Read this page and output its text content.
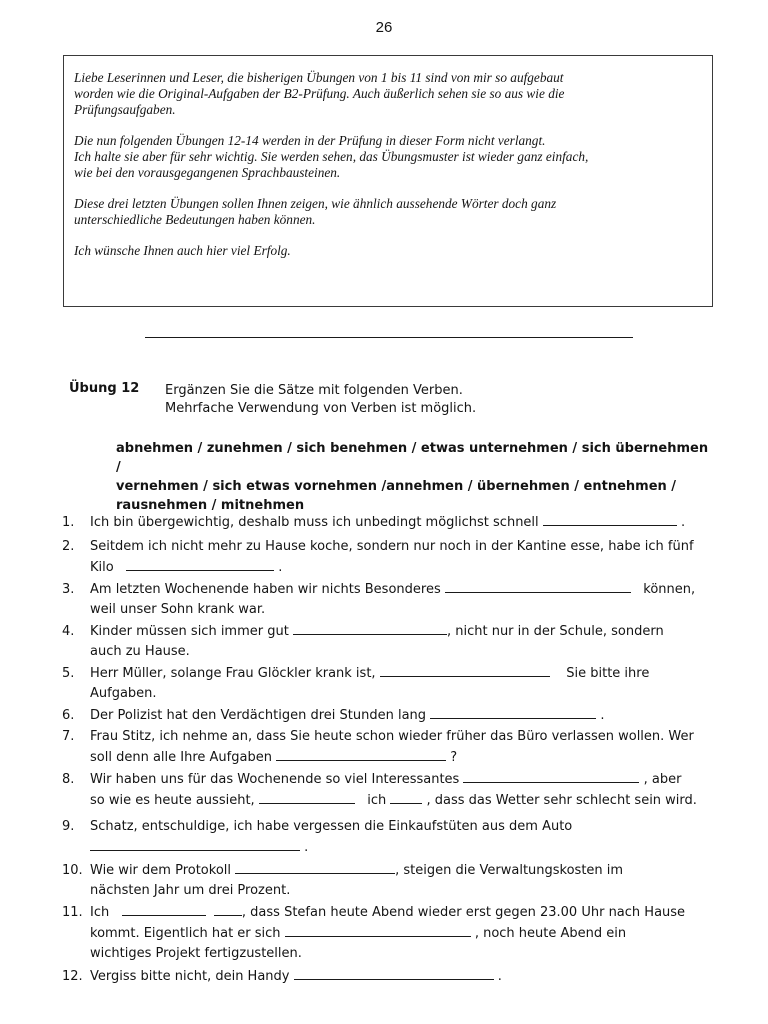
26

Liebe Leserinnen und Leser, die bisherigen Übungen von 1 bis 11 sind von mir so aufgebaut
worden wie die Original-Aufgaben der B2-Prüfung. Auch äußerlich sehen sie so aus wie die
Prüfungsaufgaben.

Die nun folgenden Übungen 12-14 werden in der Prüfung in dieser Form nicht verlangt.
Ich halte sie aber für sehr wichtig. Sie werden sehen, das Übungsmuster ist wieder ganz einfach,
wie bei den vorausgegangenen Sprachbausteinen.

Diese drei letzten Übungen sollen Ihnen zeigen, wie ähnlich aussehende Wörter doch ganz
unterschiedliche Bedeutungen haben können.

Ich wünsche Ihnen auch hier viel Erfolg.

Übung 12 Ergänzen Sie die Sätze mit folgenden Verben.
Mehrfache Verwendung von Verben ist möglich.
abnehmen / zunehmen / sich benehmen / etwas unternehmen / sich übernehmen /
vernehmen / sich etwas vornehmen /annehmen / übernehmen / entnehmen /
rausnehmen / mitnehmen
1. Ich bin übergewichtig, deshalb muss ich unbedingt möglichst schnell	.
2. Seitdem ich nicht mehr zu Hause koche, sondern nur noch in der Kantine esse, habe ich fünf
Kilo	.
3. Am letzten Wochenende haben wir nichts Besonderes	können,
weil unser Sohn krank war.
4. Kinder müssen sich immer gut	, nicht nur in der Schule, sondern
auch zu Hause.
5. Herr Müller, solange Frau Glöckler krank ist,	Sie bitte ihre
Aufgaben.
6. Der Polizist hat den Verdächtigen drei Stunden lang	.
7. Frau Stitz, ich nehme an, dass Sie heute schon wieder früher das Büro verlassen wollen. Wer
soll denn alle Ihre Aufgaben	?
8. Wir haben uns für das Wochenende so viel Interessantes	, aber
so wie es heute aussieht,	ich	, dass das Wetter sehr schlecht sein wird.
9. Schatz, entschuldige, ich habe vergessen die Einkaufstüten aus dem Auto
.
10. Wie wir dem Protokoll	, steigen die Verwaltungskosten im
nächsten Jahr um drei Prozent.
11. Ich	, dass Stefan heute Abend wieder erst gegen 23.00 Uhr nach Hause
kommt. Eigentlich hat er sich	, noch heute Abend ein
wichtiges Projekt fertigzustellen.
12. Vergiss bitte nicht, dein Handy	.
